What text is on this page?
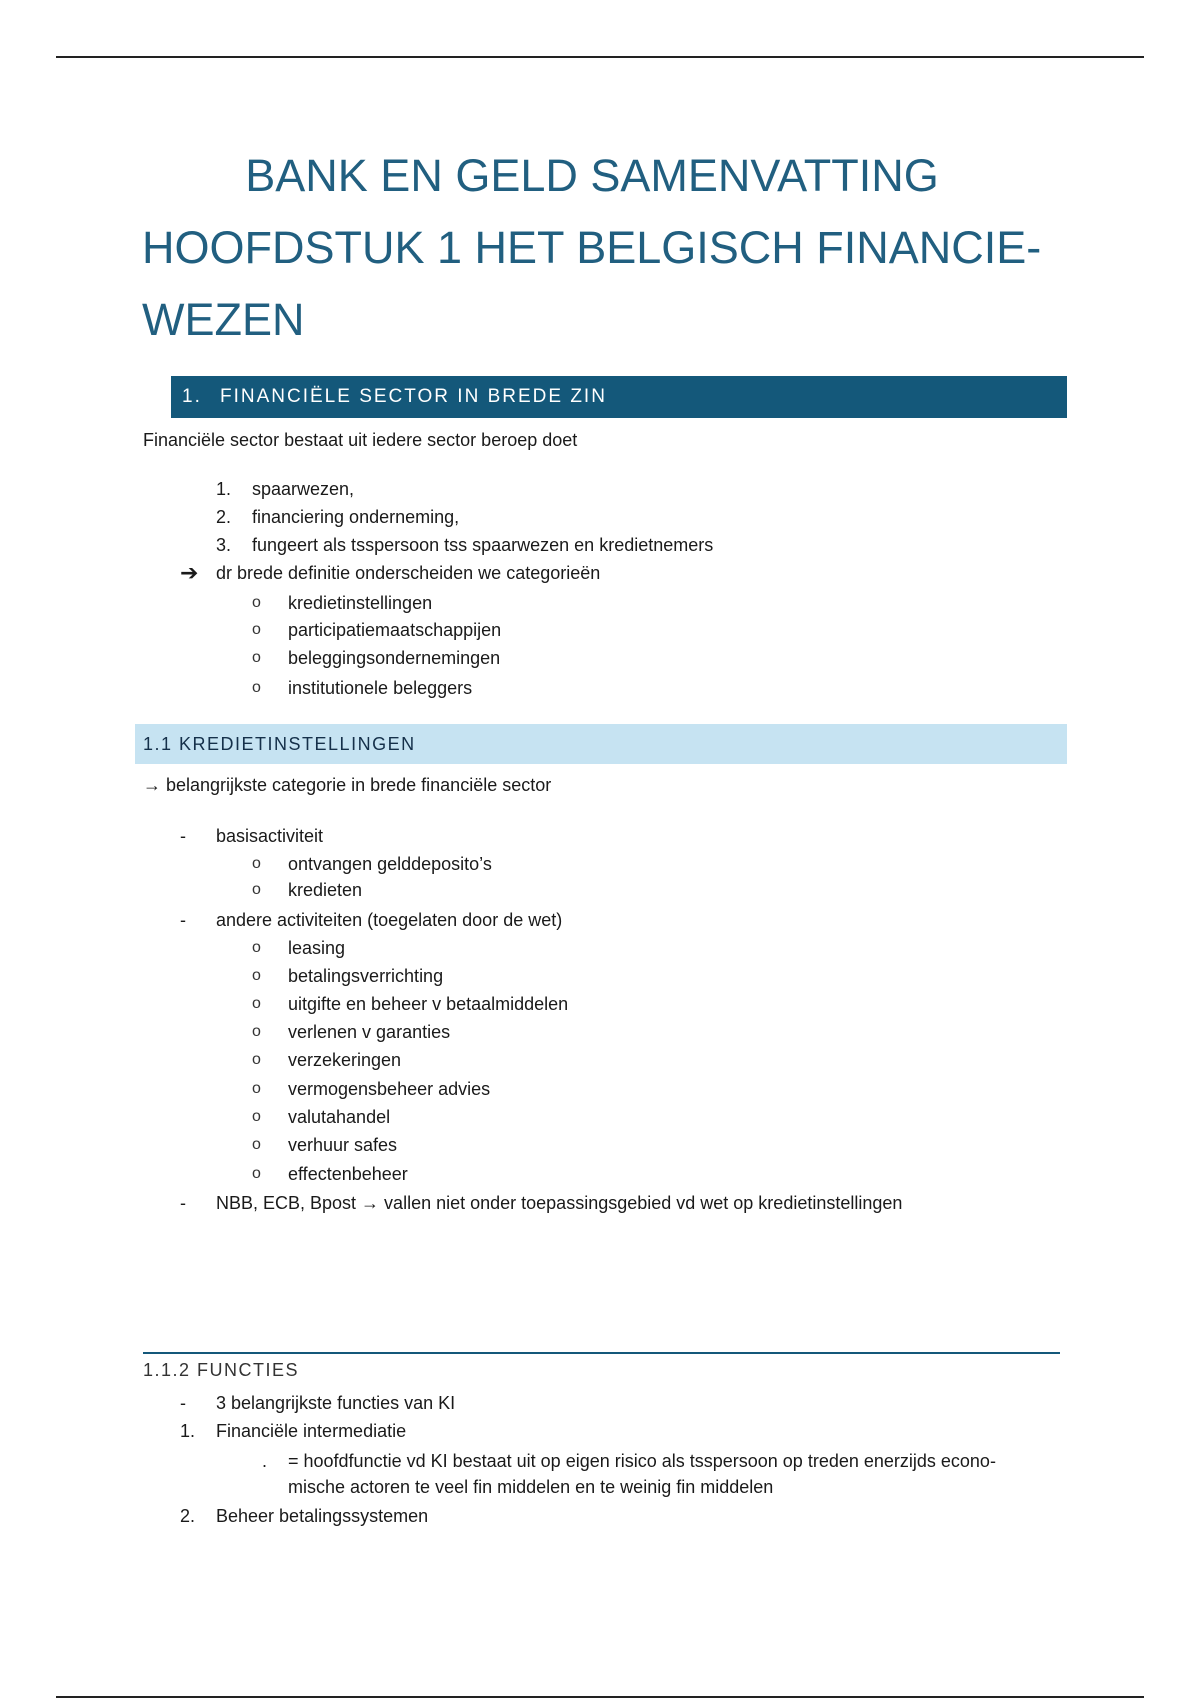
BANK EN GELD SAMENVATTING
HOOFDSTUK 1 HET BELGISCH FINANCIE-
WEZEN
1. FINANCIËLE SECTOR IN BREDE ZIN
Financiële sector bestaat uit iedere sector beroep doet
1. spaarwezen,
2. financiering onderneming,
3. fungeert als tsspersoon tss spaarwezen en kredietnemers
➔ dr brede definitie onderscheiden we categorieën
o kredietinstellingen
o participatiemaatschappijen
o beleggingsondernemingen
o institutionele beleggers
1.1 KREDIETINSTELLINGEN
→ belangrijkste categorie in brede financiële sector
- basisactiviteit
o ontvangen gelddeposito’s
o kredieten
- andere activiteiten (toegelaten door de wet)
o leasing
o betalingsverrichting
o uitgifte en beheer v betaalmiddelen
o verlenen v garanties
o verzekeringen
o vermogensbeheer advies
o valutahandel
o verhuur safes
o effectenbeheer
- NBB, ECB, Bpost → vallen niet onder toepassingsgebied vd wet op kredietinstellingen
1.1.2 FUNCTIES
- 3 belangrijkste functies van KI
1. Financiële intermediatie
. = hoofdfunctie vd KI bestaat uit op eigen risico als tsspersoon op treden enerzijds econo-
mische actoren te veel fin middelen en te weinig fin middelen
2. Beheer betalingssystemen
